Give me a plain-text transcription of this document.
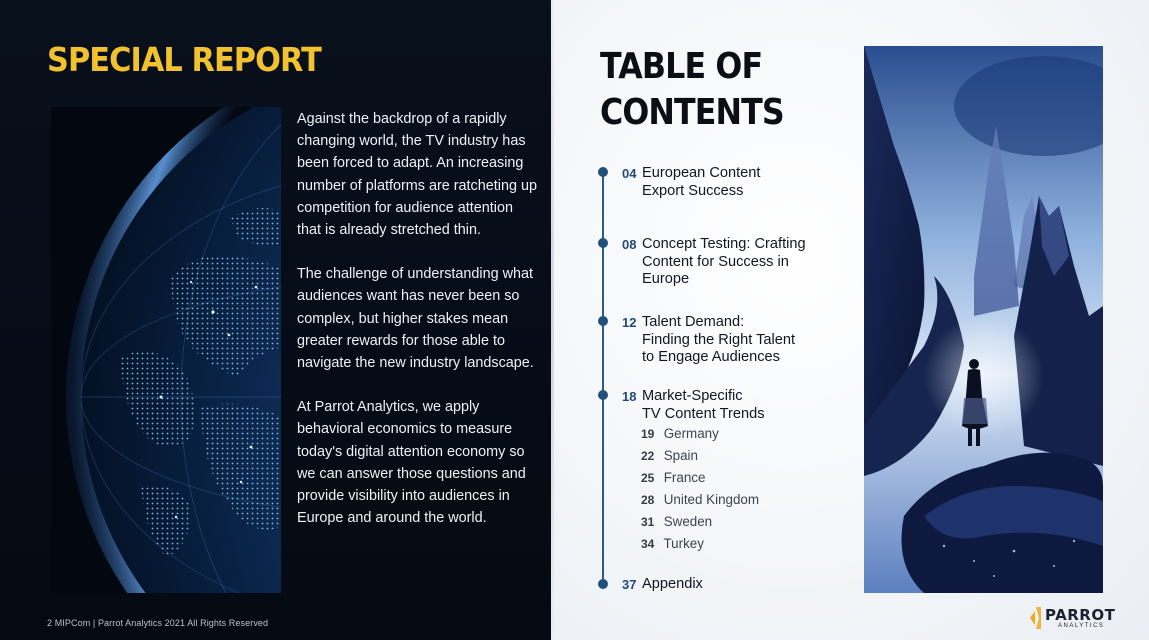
SPECIAL REPORT

Against the backdrop of a rapidly changing world, the TV industry has been forced to adapt. An increasing number of platforms are ratcheting up competition for audience attention that is already stretched thin.

The challenge of understanding what audiences want has never been so complex, but higher stakes mean greater rewards for those able to navigate the new industry landscape.

At Parrot Analytics, we apply behavioral economics to measure today's digital attention economy so we can answer those questions and provide visibility into audiences in Europe and around the world.

2 MIPCom | Parrot Analytics 2021 All Rights Reserved
TABLE OF
CONTENTS
04 European Content
Export Success
08 Concept Testing: Crafting
Content for Success in
Europe
12 Talent Demand:
Finding the Right Talent
to Engage Audiences
18 Market-Specific
TV Content Trends
19 Germany
22 Spain
25 France
28 United Kingdom
31 Sweden
34 Turkey
37 Appendix
PARROT
ANALYTICS
